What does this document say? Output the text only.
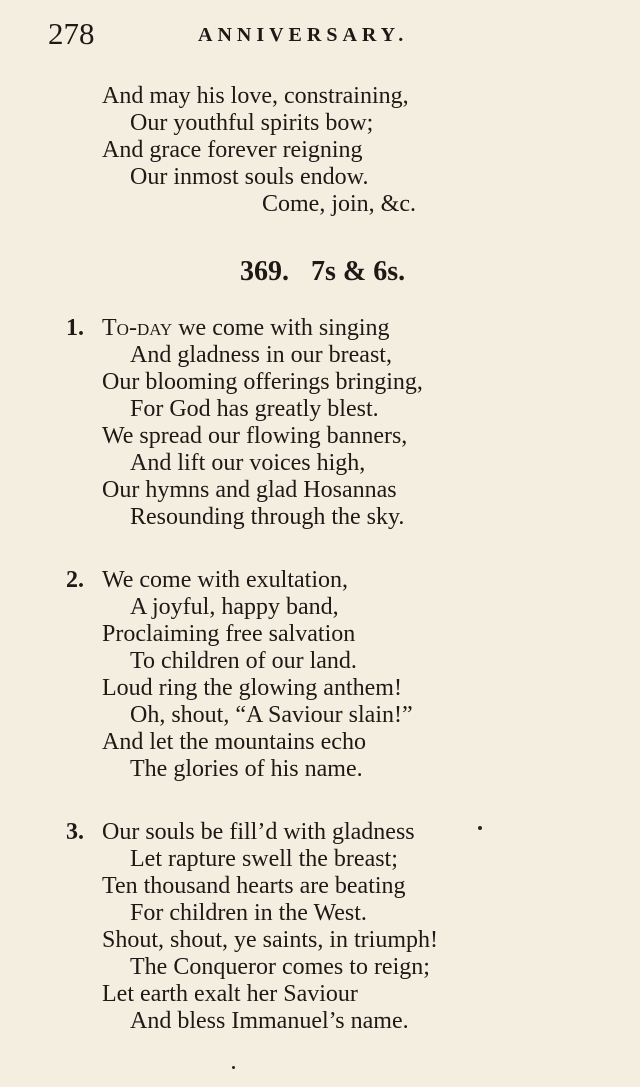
278	ANNIVERSARY.
And may his love, constraining,
Our youthful spirits bow;
And grace forever reigning
Our inmost souls endow.
Come, join, &c.
369. 7s & 6s.
1. To-day we come with singing
And gladness in our breast,
Our blooming offerings bringing,
For God has greatly blest.
We spread our flowing banners,
And lift our voices high,
Our hymns and glad Hosannas
Resounding through the sky.
2. We come with exultation,
A joyful, happy band,
Proclaiming free salvation
To children of our land.
Loud ring the glowing anthem!
Oh, shout, “A Saviour slain!”
And let the mountains echo
The glories of his name.
3. Our souls be fill’d with gladness
Let rapture swell the breast;
Ten thousand hearts are beating
For children in the West.
Shout, shout, ye saints, in triumph!
The Conqueror comes to reign;
Let earth exalt her Saviour
And bless Immanuel’s name.
